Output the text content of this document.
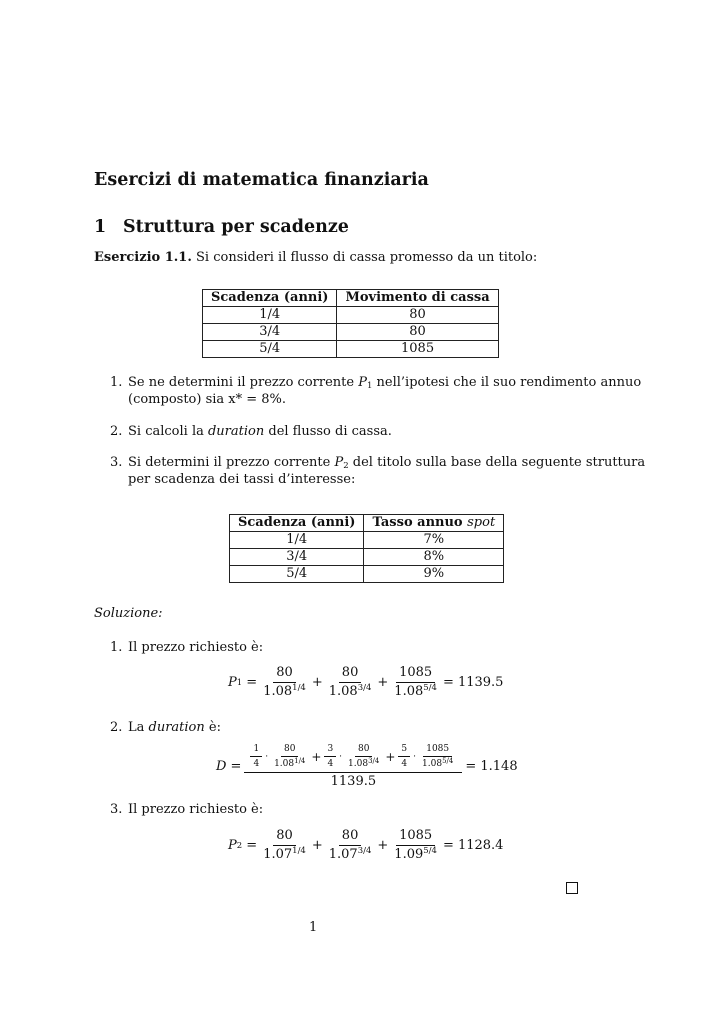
Esercizi di matematica finanziaria
1 Struttura per scadenze
Esercizio 1.1. Si consideri il flusso di cassa promesso da un titolo:
Scadenza (anni)	Movimento di cassa
1/4	80
3/4	80
5/4	1085
1. Se ne determini il prezzo corrente $P_1$ nell’ipotesi che il suo rendimento annuo
(composto) sia x* = 8%.
2. Si calcoli la duration del flusso di cassa.
3. Si determini il prezzo corrente $P_2$ del titolo sulla base della seguente struttura
per scadenza dei tassi d’interesse:
Scadenza (anni)	Tasso annuo spot
1/4	7%
3/4	8%
5/4	9%
Soluzione:
1. Il prezzo richiesto è:
P $1 = \frac{80}{1.08^{1/4}} + \frac{80}{1.08^{3/4}} + \frac{1085}{1.08^{5/4}} = 1139.5$
2. La duration è:
$D = \frac{1}{4} \cdot \frac{80}{1.08^{1/4}} + \frac{3}{4} \cdot \frac{80}{1.08^{3/4}} + \frac{5}{4} \cdot \frac{1085}{1.08^{5/4}}$
1139.5
= 1.148
3. Il prezzo richiesto è:
P $2 = \frac{80}{1.07^{1/4}} + \frac{80}{1.07^{3/4}} + \frac{1085}{1.09^{5/4}} = 1128.4$
1
